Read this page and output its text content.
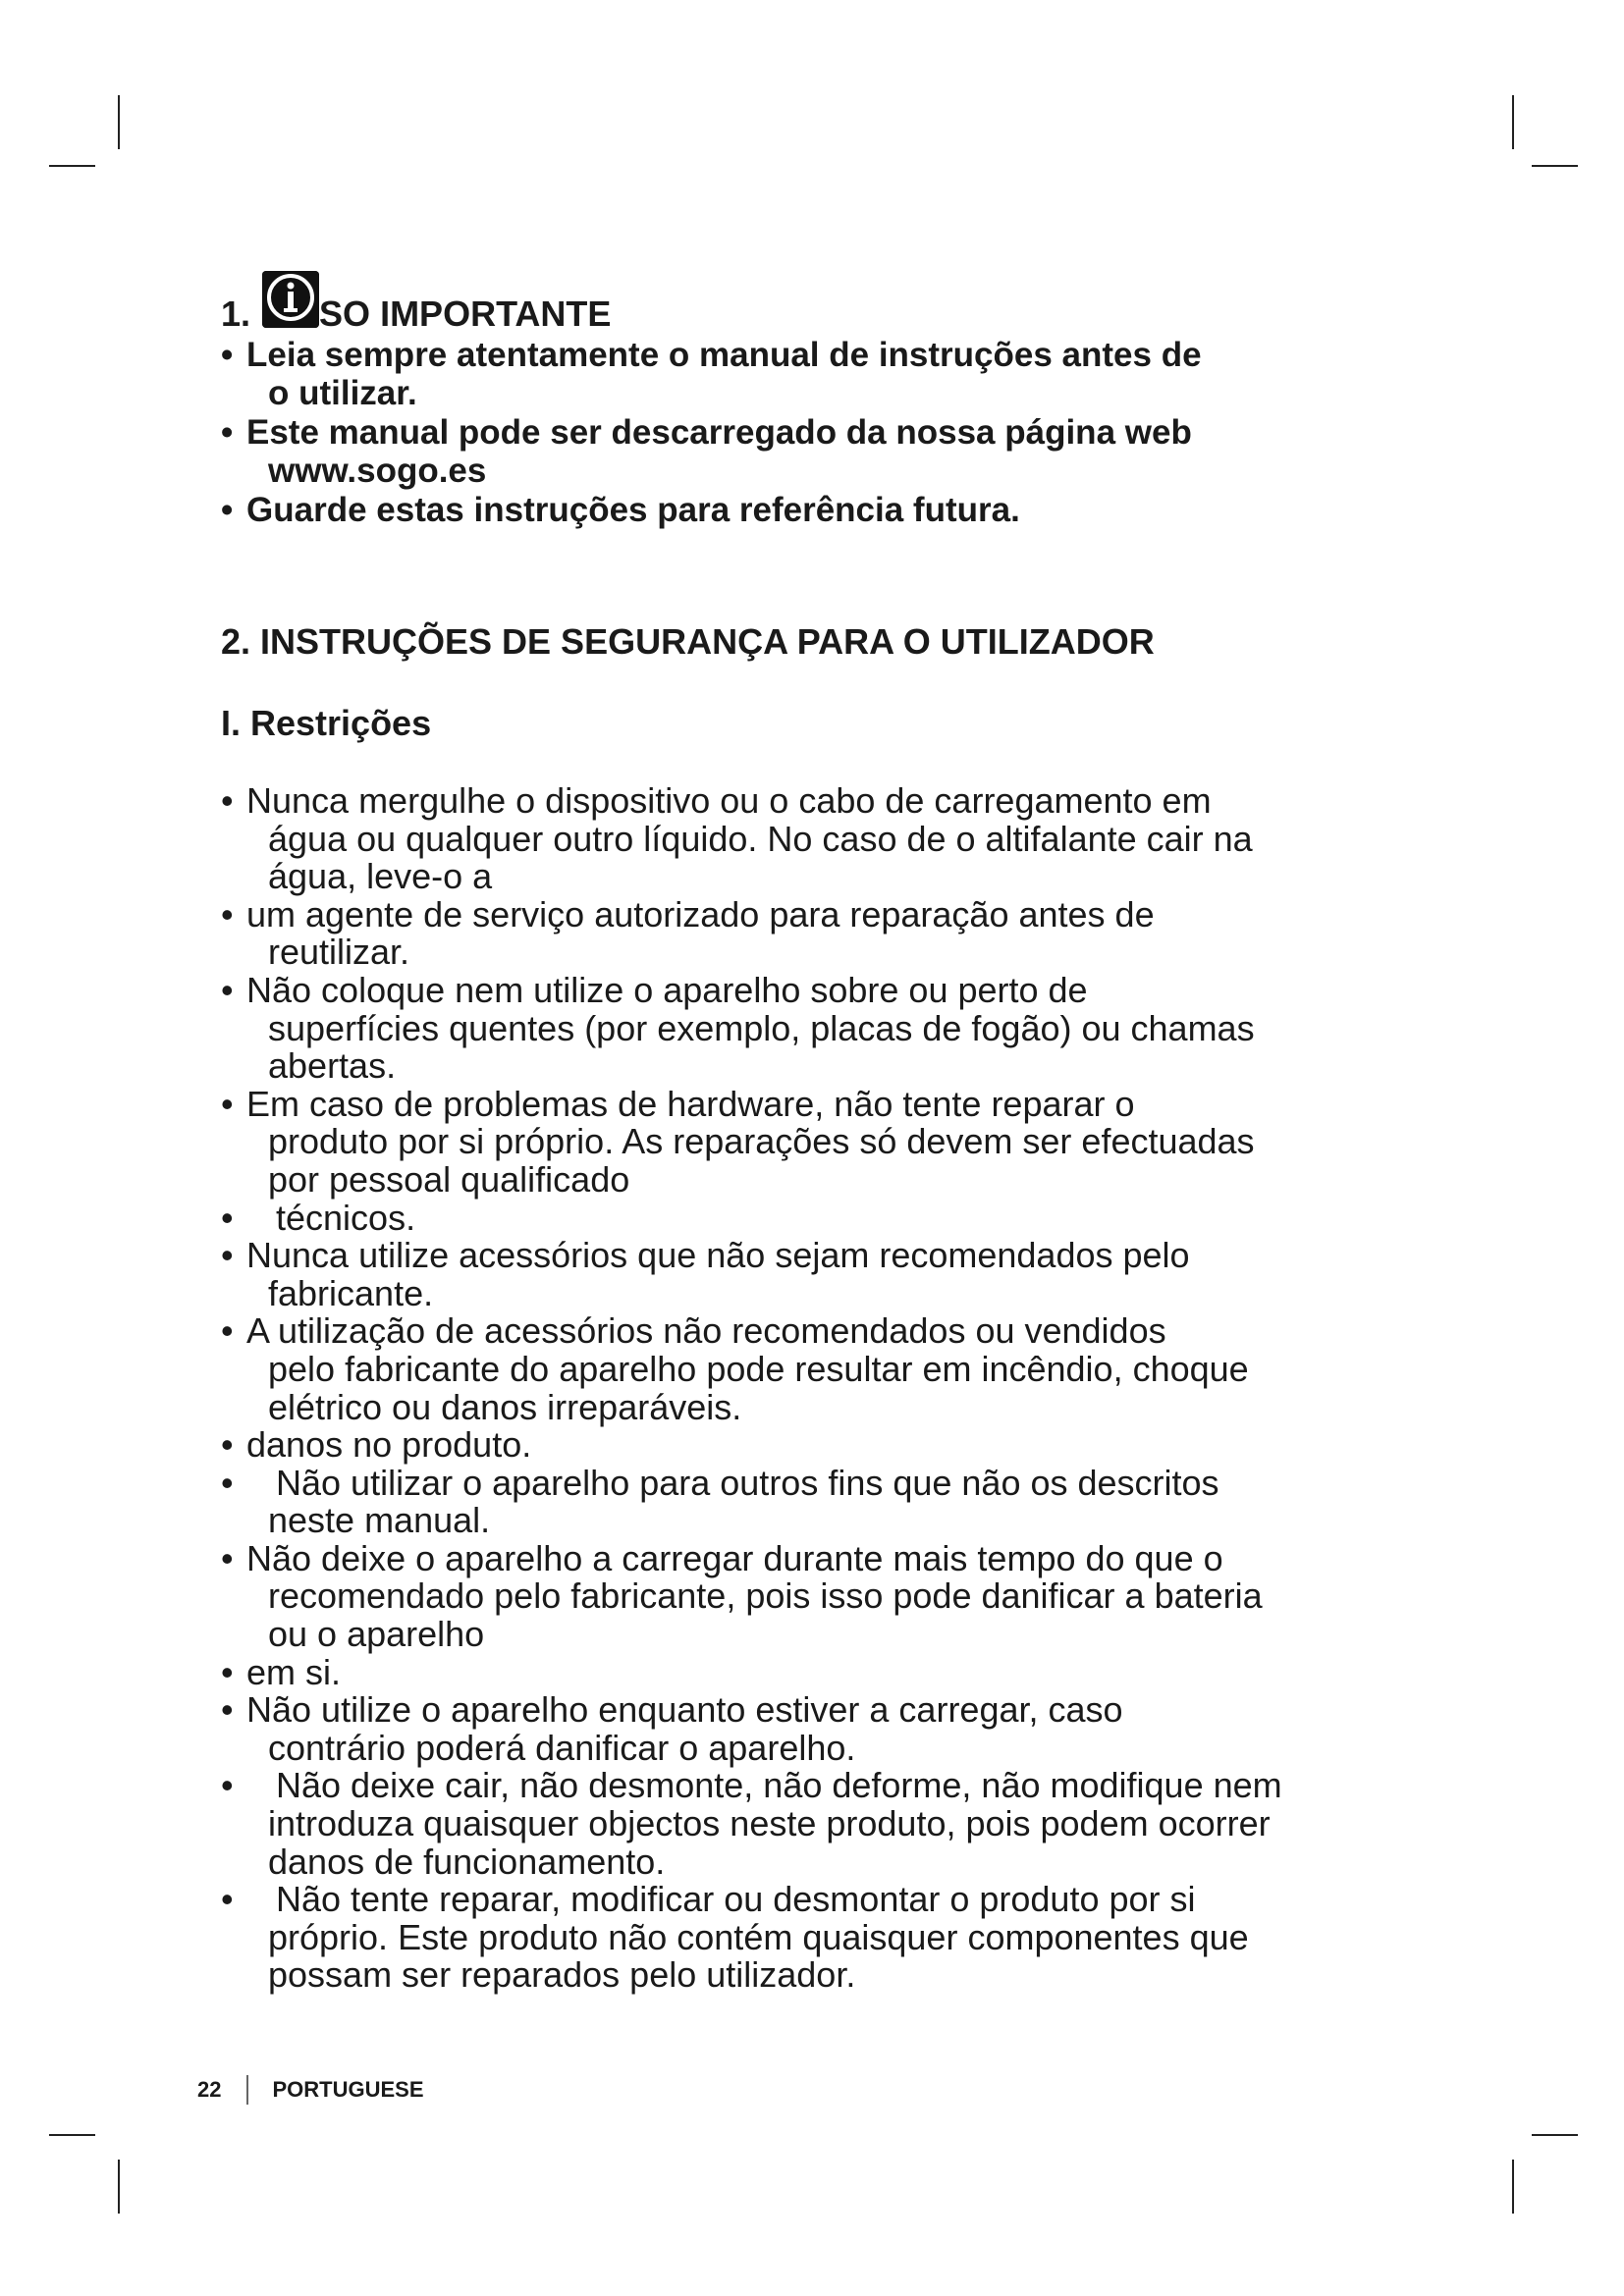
1. SO IMPORTANTE
• Leia sempre atentamente o manual de instruções antes de
o utilizar.
• Este manual pode ser descarregado da nossa página web
www.sogo.es
• Guarde estas instruções para referência futura.
2. INSTRUÇÕES DE SEGURANÇA PARA O UTILIZADOR
I. Restrições
• Nunca mergulhe o dispositivo ou o cabo de carregamento em
água ou qualquer outro líquido. No caso de o altifalante cair na
água, leve-o a
• um agente de serviço autorizado para reparação antes de
reutilizar.
• Não coloque nem utilize o aparelho sobre ou perto de
superfícies quentes (por exemplo, placas de fogão) ou chamas
abertas.
• Em caso de problemas de hardware, não tente reparar o
produto por si próprio. As reparações só devem ser efectuadas
por pessoal qualificado
•	técnicos.
• Nunca utilize acessórios que não sejam recomendados pelo
fabricante.
• A utilização de acessórios não recomendados ou vendidos
pelo fabricante do aparelho pode resultar em incêndio, choque
elétrico ou danos irreparáveis.
• danos no produto.
•	Não utilizar o aparelho para outros fins que não os descritos
neste manual.
• Não deixe o aparelho a carregar durante mais tempo do que o
recomendado pelo fabricante, pois isso pode danificar a bateria
ou o aparelho
• em si.
• Não utilize o aparelho enquanto estiver a carregar, caso
contrário poderá danificar o aparelho.
•	Não deixe cair, não desmonte, não deforme, não modifique nem
introduza quaisquer objectos neste produto, pois podem ocorrer
danos de funcionamento.
•	Não tente reparar, modificar ou desmontar o produto por si
próprio. Este produto não contém quaisquer componentes que
possam ser reparados pelo utilizador.
22 PORTUGUESE
